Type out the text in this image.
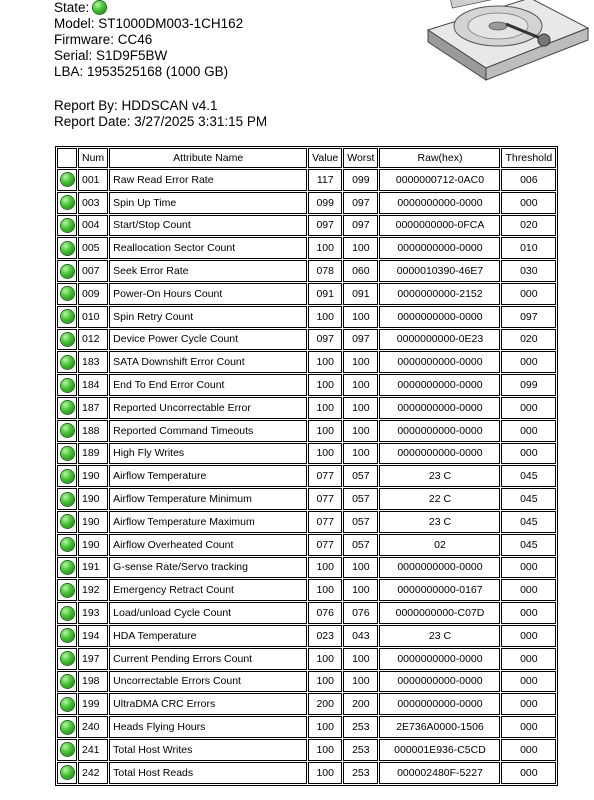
State:
Model: ST1000DM003-1CH162
Firmware: CC46
Serial: S1D9F5BW
LBA: 1953525168 (1000 GB)
Report By: HDDSCAN v4.1
Report Date: 3/27/2025 3:31:15 PM
	Num	Attribute Name	Value	Worst	Raw(hex)	Threshold
	001	Raw Read Error Rate	117	099	0000000712-0AC0	006
	003	Spin Up Time	099	097	0000000000-0000	000
	004	Start/Stop Count	097	097	0000000000-0FCA	020
	005	Reallocation Sector Count	100	100	0000000000-0000	010
	007	Seek Error Rate	078	060	0000010390-46E7	030
	009	Power-On Hours Count	091	091	0000000000-2152	000
	010	Spin Retry Count	100	100	0000000000-0000	097
	012	Device Power Cycle Count	097	097	0000000000-0E23	020
	183	SATA Downshift Error Count	100	100	0000000000-0000	000
	184	End To End Error Count	100	100	0000000000-0000	099
	187	Reported Uncorrectable Error	100	100	0000000000-0000	000
	188	Reported Command Timeouts	100	100	0000000000-0000	000
	189	High Fly Writes	100	100	0000000000-0000	000
	190	Airflow Temperature	077	057	23 C	045
	190	Airflow Temperature Minimum	077	057	22 C	045
	190	Airflow Temperature Maximum	077	057	23 C	045
	190	Airflow Overheated Count	077	057	02	045
	191	G-sense Rate/Servo tracking	100	100	0000000000-0000	000
	192	Emergency Retract Count	100	100	0000000000-0167	000
	193	Load/unload Cycle Count	076	076	0000000000-C07D	000
	194	HDA Temperature	023	043	23 C	000
	197	Current Pending Errors Count	100	100	0000000000-0000	000
	198	Uncorrectable Errors Count	100	100	0000000000-0000	000
	199	UltraDMA CRC Errors	200	200	0000000000-0000	000
	240	Heads Flying Hours	100	253	2E736A0000-1506	000
	241	Total Host Writes	100	253	000001E936-C5CD	000
	242	Total Host Reads	100	253	000002480F-5227	000
